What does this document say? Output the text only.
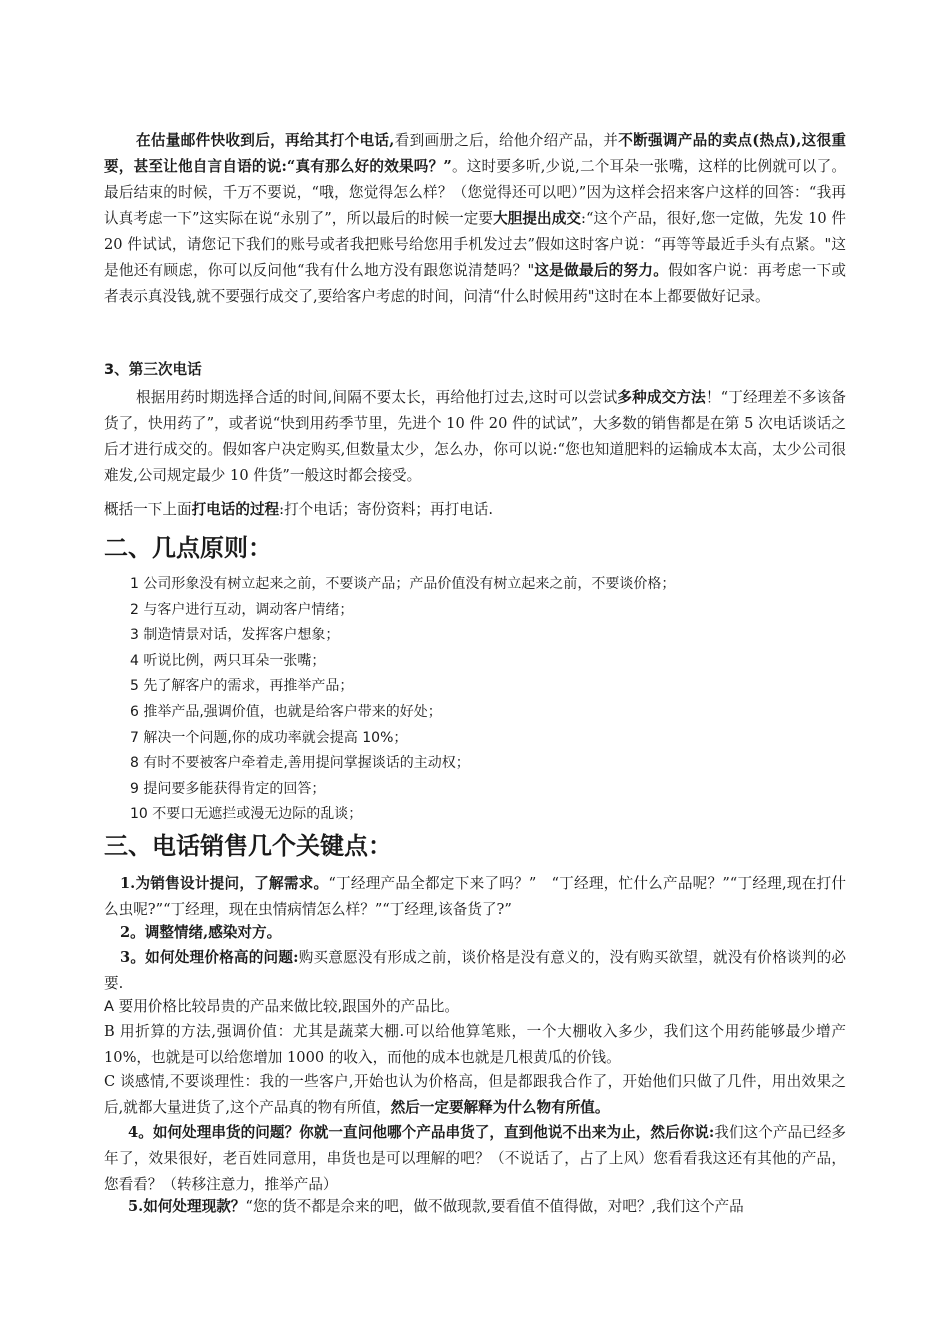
在估量邮件快收到后，再给其打个电话,看到画册之后，给他介绍产品，并不断强调产品的卖点(热点),这很重要，甚至让他自言自语的说:“真有那么好的效果吗？”。这时要多听,少说,二个耳朵一张嘴，这样的比例就可以了。最后结束的时候，千万不要说，“哦，您觉得怎么样？（您觉得还可以吧）”因为这样会招来客户这样的回答：“我再认真考虑一下”这实际在说“永别了”，所以最后的时候一定要大胆提出成交:“这个产品，很好,您一定做，先发 10 件 20 件试试，请您记下我们的账号或者我把账号给您用手机发过去”假如这时客户说：“再等等最近手头有点紧。"这是他还有顾虑，你可以反问他“我有什么地方没有跟您说清楚吗？"这是做最后的努力。假如客户说：再考虑一下或者表示真没钱,就不要强行成交了,要给客户考虑的时间，问清“什么时候用药"这时在本上都要做好记录。

3、第三次电话

根据用药时期选择合适的时间,间隔不要太长，再给他打过去,这时可以尝试多种成交方法！“丁经理差不多该备货了，快用药了”，或者说“快到用药季节里，先进个 10 件 20 件的试试”，大多数的销售都是在第 5 次电话谈话之后才进行成交的。假如客户决定购买,但数量太少，怎么办，你可以说:“您也知道肥料的运输成本太高，太少公司很难发,公司规定最少 10 件货”一般这时都会接受。

概括一下上面打电话的过程:打个电话；寄份资料；再打电话.

二、几点原则：
1 公司形象没有树立起来之前，不要谈产品；产品价值没有树立起来之前，不要谈价格；
2 与客户进行互动，调动客户情绪；
3 制造情景对话，发挥客户想象；
4 听说比例，两只耳朵一张嘴；
5 先了解客户的需求，再推举产品；
6 推举产品,强调价值，也就是给客户带来的好处；
7 解决一个问题,你的成功率就会提高 10%；
8 有时不要被客户牵着走,善用提问掌握谈话的主动权；
9 提问要多能获得肯定的回答；
10 不要口无遮拦或漫无边际的乱谈；
三、电话销售几个关键点：

1.为销售设计提问，了解需求。“丁经理产品全都定下来了吗？”　“丁经理，忙什么产品呢？”“丁经理,现在打什么虫呢?”“丁经理，现在虫情病情怎么样？”“丁经理,该备货了?”

2。调整情绪,感染对方。

3。如何处理价格高的问题:购买意愿没有形成之前，谈价格是没有意义的，没有购买欲望，就没有价格谈判的必要.

A 要用价格比较昂贵的产品来做比较,跟国外的产品比。

B 用折算的方法,强调价值：尤其是蔬菜大棚.可以给他算笔账，一个大棚收入多少，我们这个用药能够最少增产 10%，也就是可以给您增加 1000 的收入，而他的成本也就是几根黄瓜的价钱。

C 谈感情,不要谈理性：我的一些客户,开始也认为价格高，但是都跟我合作了，开始他们只做了几件，用出效果之后,就都大量进货了,这个产品真的物有所值，然后一定要解释为什么物有所值。

4。如何处理串货的问题？你就一直问他哪个产品串货了，直到他说不出来为止，然后你说:我们这个产品已经多年了，效果很好，老百姓同意用，串货也是可以理解的吧？（不说话了，占了上风）您看看我这还有其他的产品，您看看？（转移注意力，推举产品）

5.如何处理现款？“您的货不都是佘来的吧，做不做现款,要看值不值得做，对吧？,我们这个产品
